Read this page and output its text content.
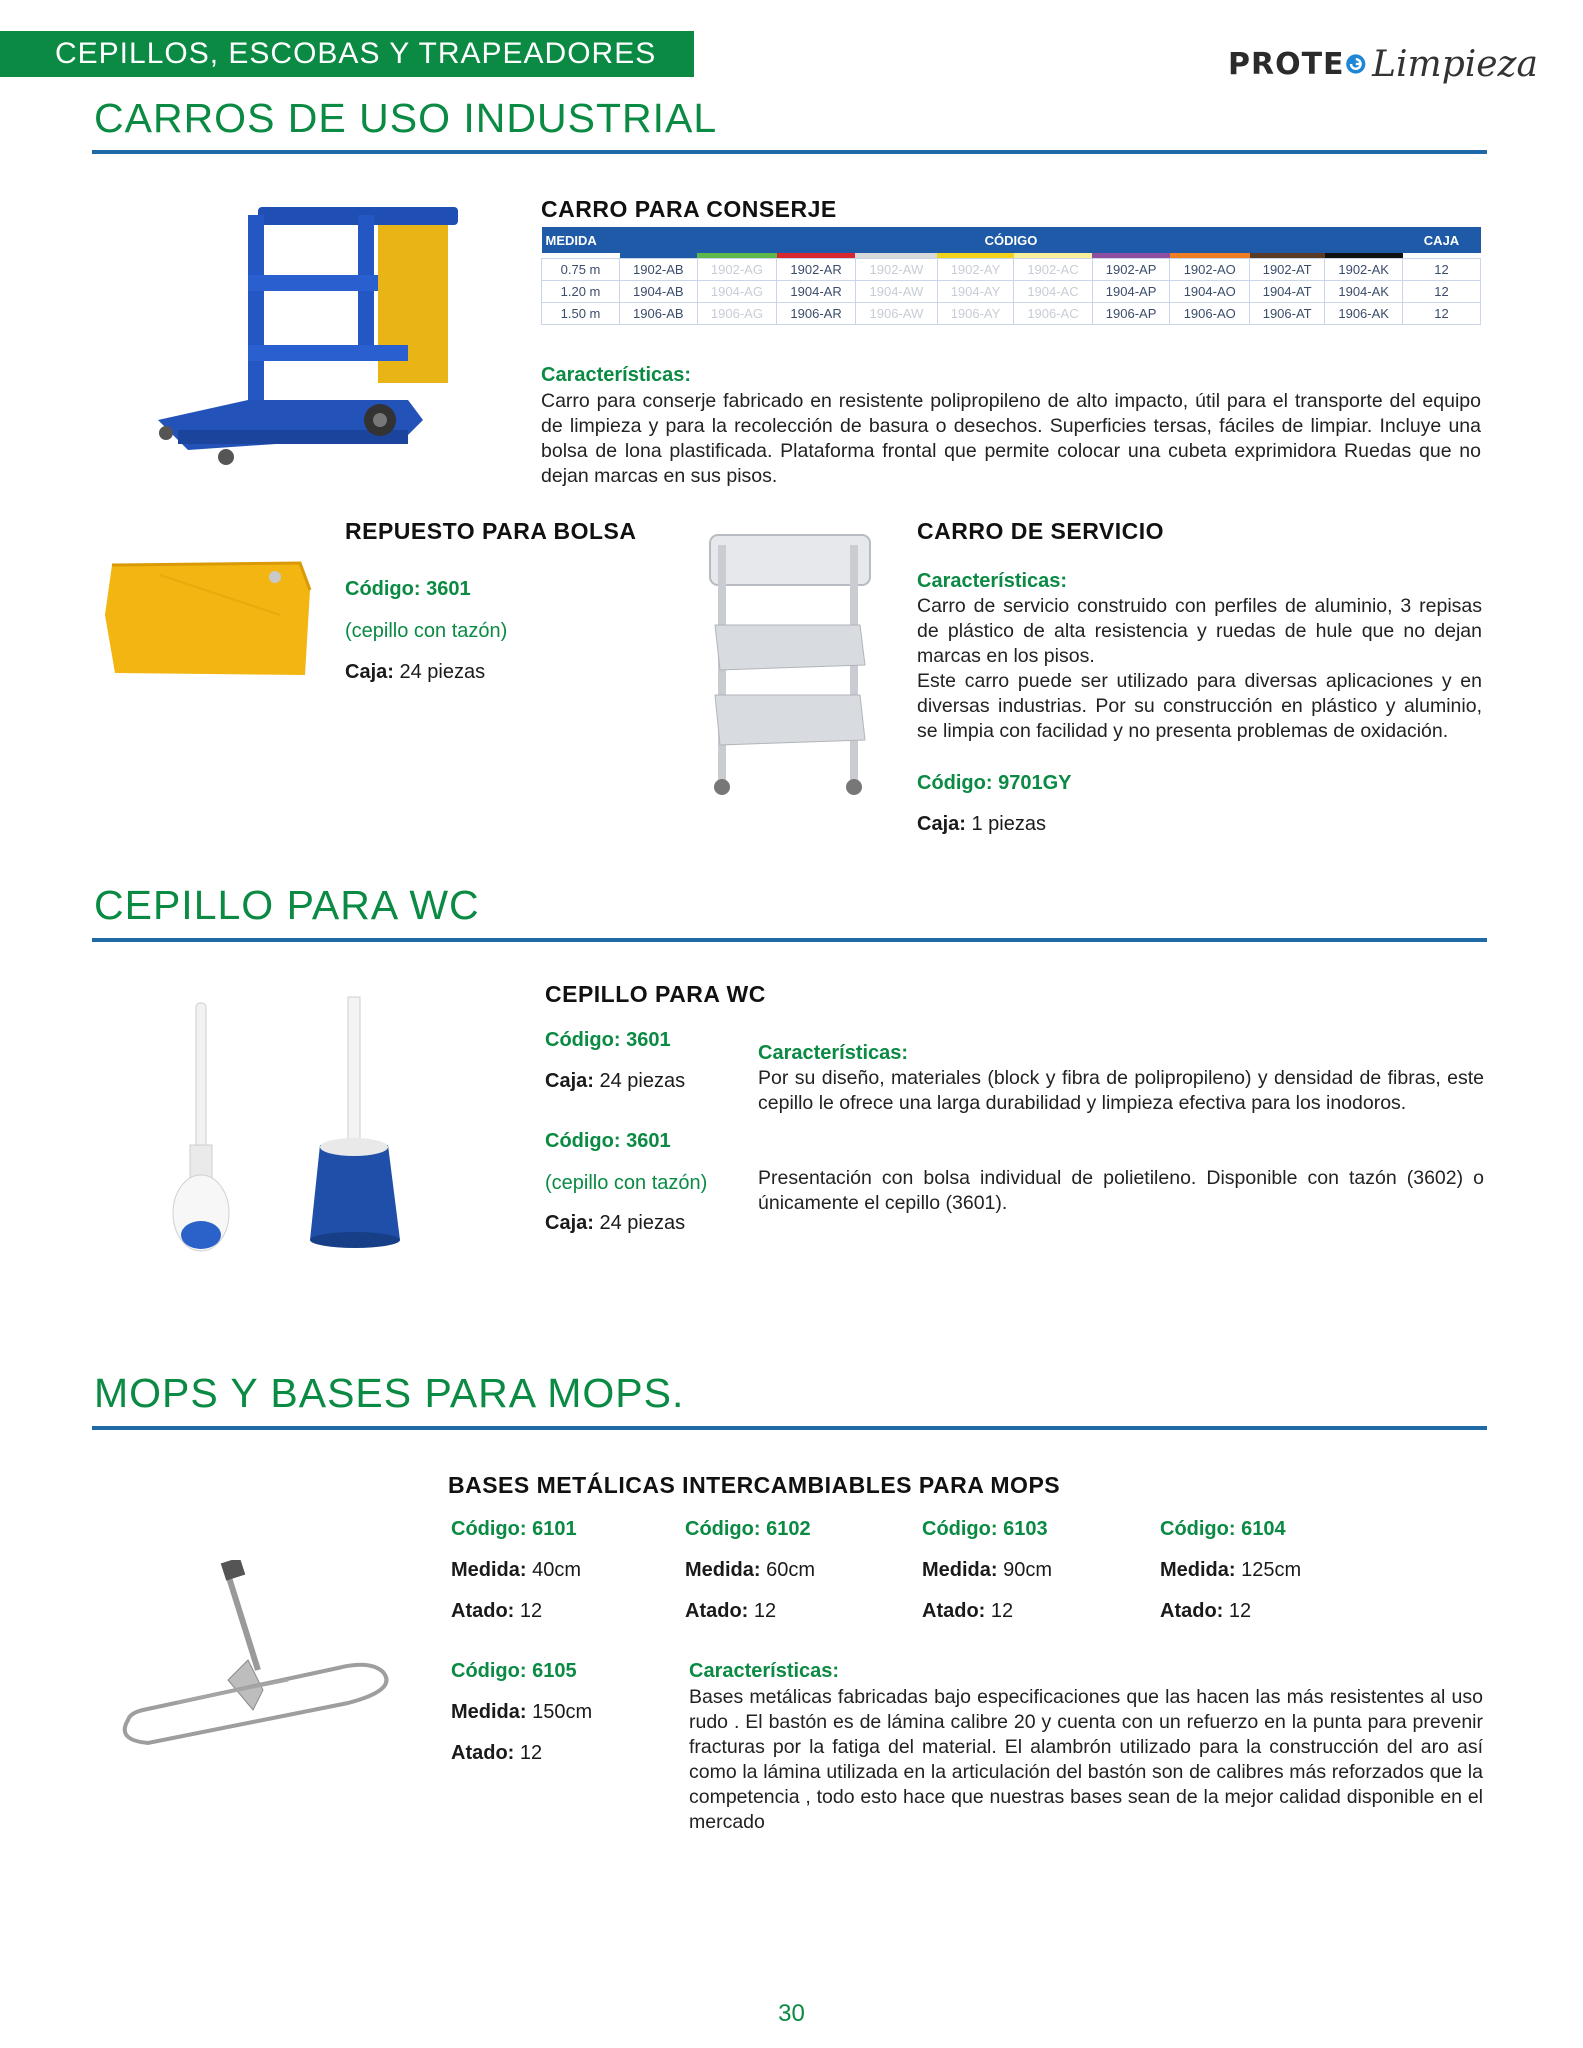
CEPILLOS, ESCOBAS Y TRAPEADORES	PROTE Limpieza
CARROS DE USO INDUSTRIAL
CARRO PARA CONSERJE
MEDIDA	CÓDIGO										CAJA

0.75 m	1902-AB	1902-AG	1902-AR	1902-AW	1902-AY	1902-AC	1902-AP	1902-AO	1902-AT	1902-AK	12
1.20 m	1904-AB	1904-AG	1904-AR	1904-AW	1904-AY	1904-AC	1904-AP	1904-AO	1904-AT	1904-AK	12
1.50 m	1906-AB	1906-AG	1906-AR	1906-AW	1906-AY	1906-AC	1906-AP	1906-AO	1906-AT	1906-AK	12
Características:
Carro para conserje fabricado en resistente polipropileno de alto impacto, útil para el transporte del equipo de limpieza y para la recolección de basura o desechos. Superficies tersas, fáciles de limpiar. Incluye una bolsa de lona plastificada. Plataforma frontal que permite colocar una cubeta exprimidora Ruedas que no dejan marcas en sus pisos.
REPUESTO PARA BOLSA
Código: 3601
(cepillo con tazón)
Caja: 24 piezas
CARRO DE SERVICIO
Características:
Carro de servicio construido con perfiles de aluminio, 3 repisas de plástico de alta resistencia y ruedas de hule que no dejan marcas en los pisos.
Este carro puede ser utilizado para diversas aplicaciones y en diversas industrias. Por su construcción en plástico y aluminio, se limpia con facilidad y no presenta problemas de oxidación.
Código: 9701GY
Caja: 1 piezas
CEPILLO PARA WC
CEPILLO PARA WC
Código: 3601
Caja: 24 piezas
Código: 3601
(cepillo con tazón)
Caja: 24 piezas
Características:
Por su diseño, materiales (block y fibra de polipropileno) y densidad de fibras, este cepillo le ofrece una larga durabilidad y limpieza efectiva para los inodoros.
Presentación con bolsa individual de polietileno. Disponible con tazón (3602) o únicamente el cepillo (3601).
MOPS Y BASES PARA MOPS.
BASES METÁLICAS INTERCAMBIABLES PARA MOPS
Código: 6101
Medida: 40cm
Atado: 12
Código: 6102
Medida: 60cm
Atado: 12
Código: 6103
Medida: 90cm
Atado: 12
Código: 6104
Medida: 125cm
Atado: 12
Código: 6105
Medida: 150cm
Atado: 12
Características:
Bases metálicas fabricadas bajo especificaciones que las hacen las más resistentes al uso rudo . El bastón es de lámina calibre 20 y cuenta con un refuerzo en la punta para prevenir fracturas por la fatiga del material. El alambrón utilizado para la construcción del aro así como la lámina utilizada en la articulación del bastón son de calibres más reforzados que la competencia , todo esto hace que nuestras bases sean de la mejor calidad disponible en el mercado
30
